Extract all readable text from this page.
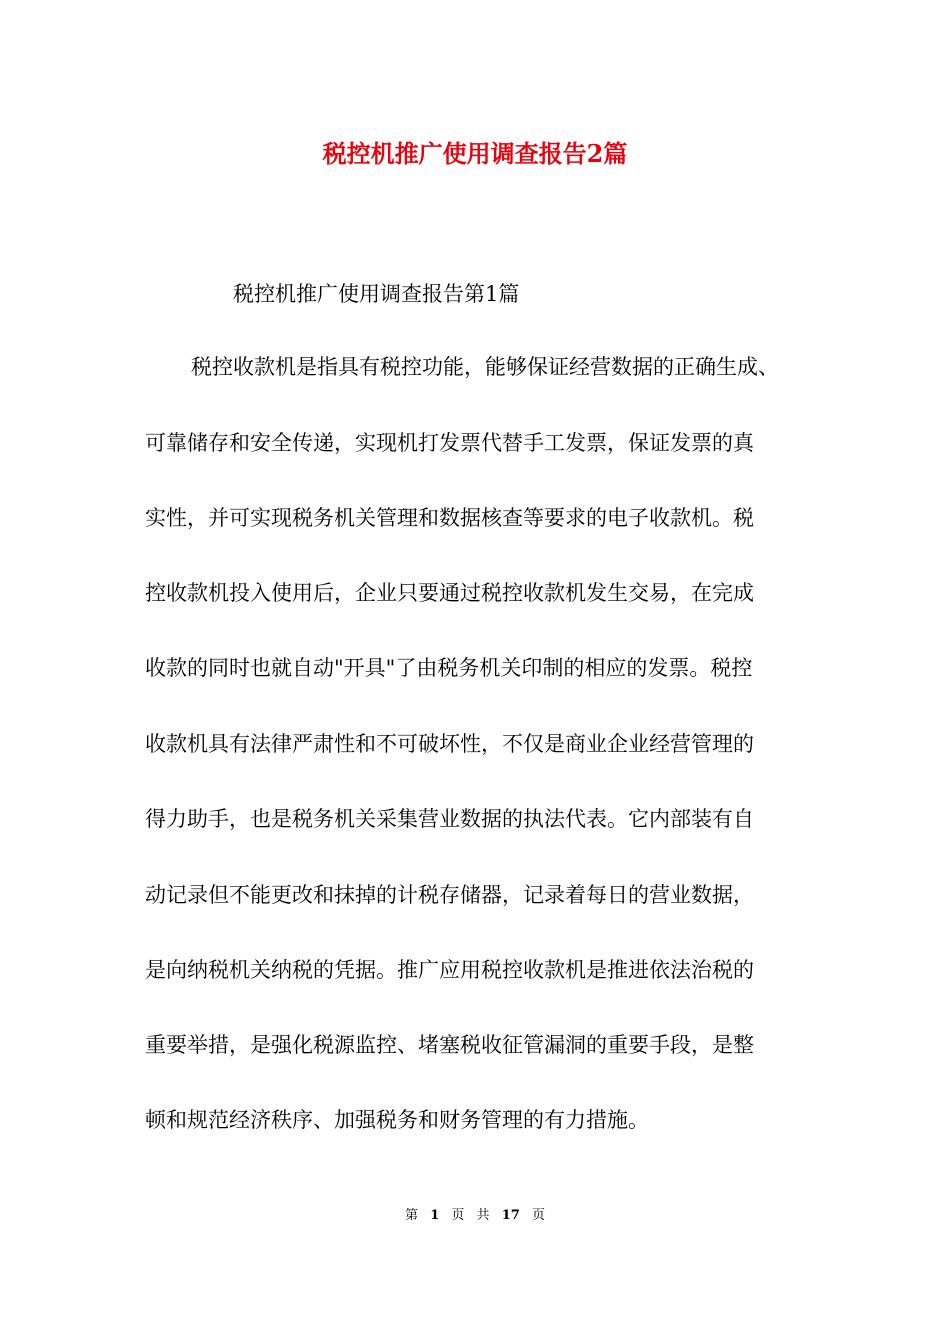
税控机推广使用调查报告2篇

税控机推广使用调查报告第1篇

税控收款机是指具有税控功能，能够保证经营数据的正确生成、
可靠储存和安全传递，实现机打发票代替手工发票，保证发票的真
实性，并可实现税务机关管理和数据核查等要求的电子收款机。税
控收款机投入使用后，企业只要通过税控收款机发生交易，在完成
收款的同时也就自动"开具"了由税务机关印制的相应的发票。税控
收款机具有法律严肃性和不可破坏性，不仅是商业企业经营管理的
得力助手，也是税务机关采集营业数据的执法代表。它内部装有自
动记录但不能更改和抹掉的计税存储器，记录着每日的营业数据，
是向纳税机关纳税的凭据。推广应用税控收款机是推进依法治税的
重要举措，是强化税源监控、堵塞税收征管漏洞的重要手段，是整
顿和规范经济秩序、加强税务和财务管理的有力措施。
第 1 页 共 17 页
